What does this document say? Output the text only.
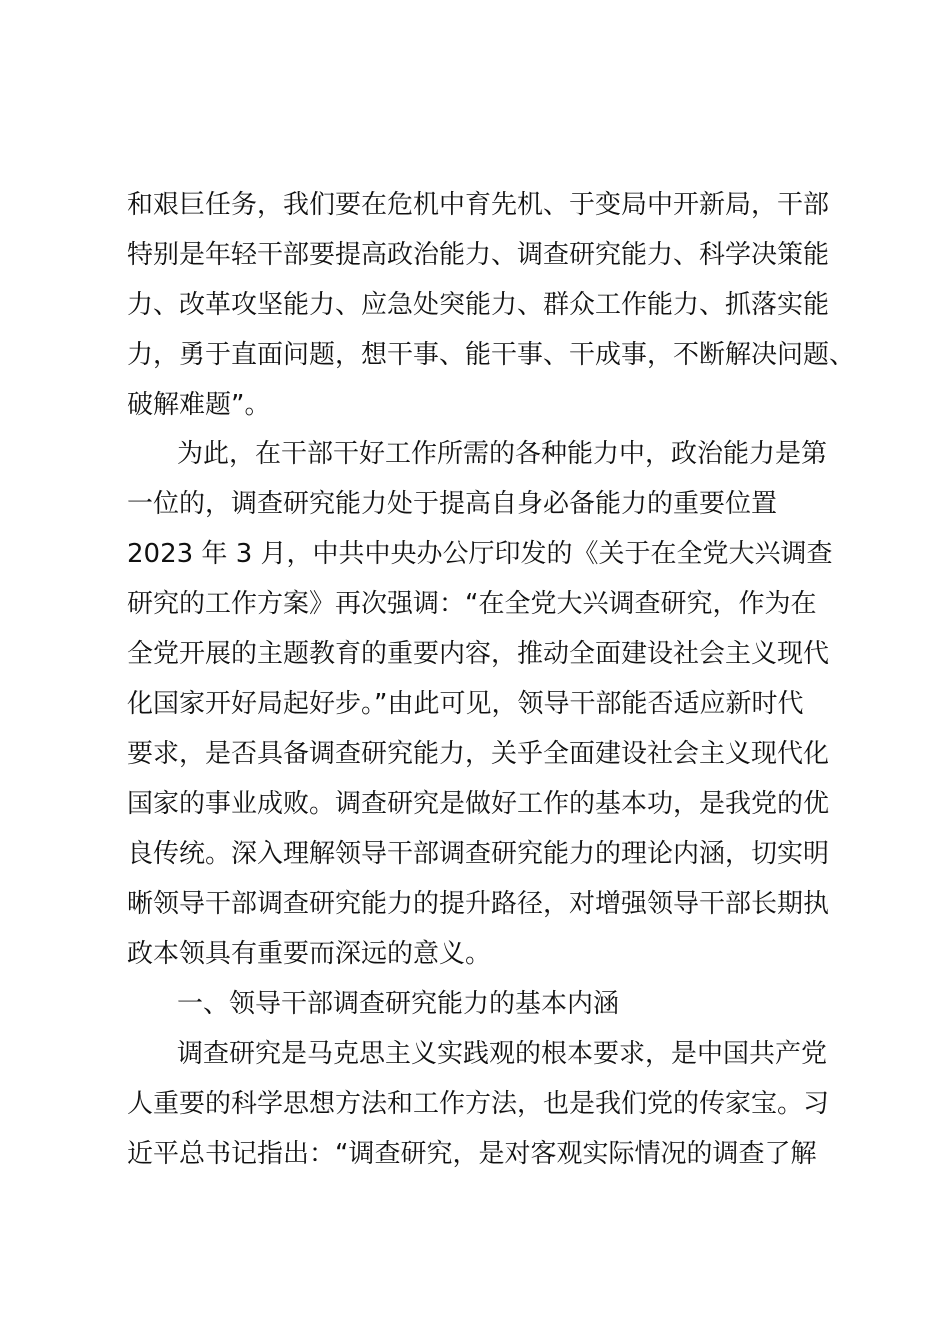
和艰巨任务，我们要在危机中育先机、于变局中开新局，干部
特别是年轻干部要提高政治能力、调查研究能力、科学决策能
力、改革攻坚能力、应急处突能力、群众工作能力、抓落实能
力，勇于直面问题，想干事、能干事、干成事，不断解决问题、
破解难题”。
为此，在干部干好工作所需的各种能力中，政治能力是第
一位的，调查研究能力处于提高自身必备能力的重要位置
2023 年 3 月，中共中央办公厅印发的《关于在全党大兴调查
研究的工作方案》再次强调：“在全党大兴调查研究，作为在
全党开展的主题教育的重要内容，推动全面建设社会主义现代
化国家开好局起好步。”由此可见，领导干部能否适应新时代
要求，是否具备调查研究能力，关乎全面建设社会主义现代化
国家的事业成败。调查研究是做好工作的基本功，是我党的优
良传统。深入理解领导干部调查研究能力的理论内涵，切实明
晰领导干部调查研究能力的提升路径，对增强领导干部长期执
政本领具有重要而深远的意义。
一、领导干部调查研究能力的基本内涵
调查研究是马克思主义实践观的根本要求，是中国共产党
人重要的科学思想方法和工作方法，也是我们党的传家宝。习
近平总书记指出：“调查研究，是对客观实际情况的调查了解
